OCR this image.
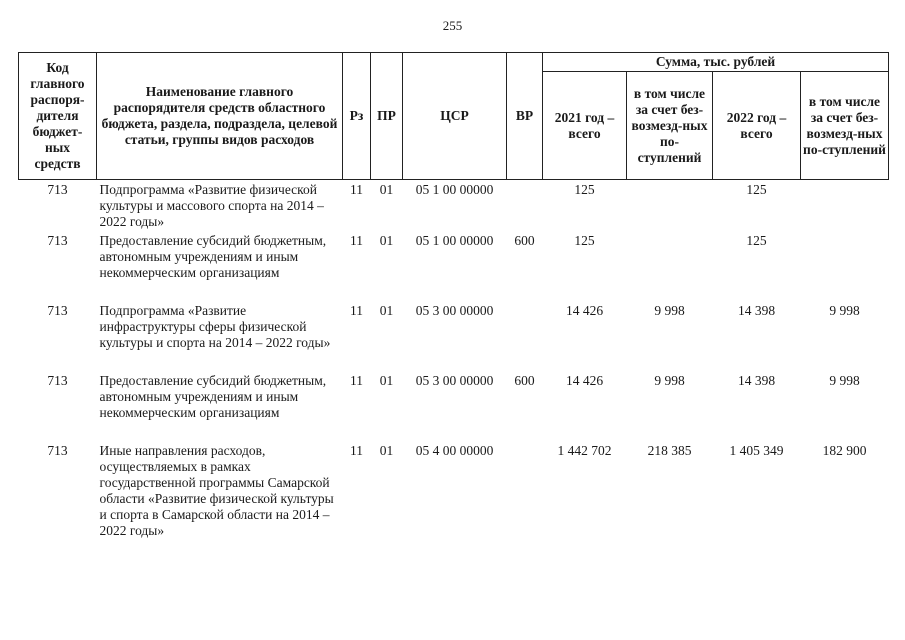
255
Код главного распоря-дителя бюджет-ных средств	Наименование главного распорядителя средств областного бюджета, раздела, подраздела, целевой статьи, группы видов расходов	Рз	ПР	ЦСР	ВР	Сумма, тыс. рублей			
						2021 год – всего	в том числе за счет без-возмезд-ных по-ступлений	2022 год – всего	в том числе за счет без-возмезд-ных по-ступлений
713	Подпрограмма «Развитие физической культуры и массового спорта на 2014 – 2022 годы»	11	01	05 1 00 00000		125		125	
713	Предоставление субсидий бюджетным, автономным учреждениям и иным некоммерческим организациям	11	01	05 1 00 00000	600	125		125	
713	Подпрограмма «Развитие инфраструктуры сферы физической культуры и спорта на 2014 – 2022 годы»	11	01	05 3 00 00000		14 426	9 998	14 398	9 998
713	Предоставление субсидий бюджетным, автономным учреждениям и иным некоммерческим организациям	11	01	05 3 00 00000	600	14 426	9 998	14 398	9 998
713	Иные направления расходов, осуществляемых в рамках государственной программы Самарской области «Развитие физической культуры и спорта в Самарской области на 2014 – 2022 годы»	11	01	05 4 00 00000		1 442 702	218 385	1 405 349	182 900
